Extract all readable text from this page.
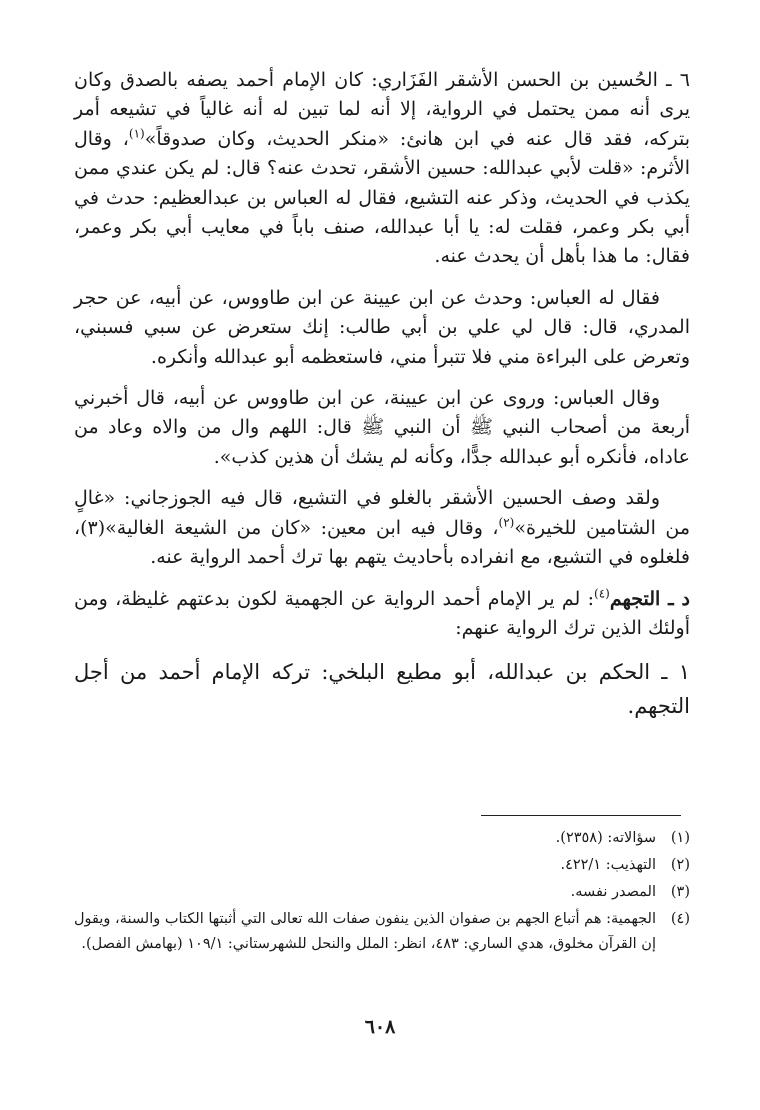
٦ ـ الحُسين بن الحسن الأشقر الفَزَاري: كان الإمام أحمد يصفه بالصدق وكان يرى أنه ممن يحتمل في الرواية، إلا أنه لما تبين له أنه غالياً في تشيعه أمر بتركه، فقد قال عنه في ابن هانئ: «منكر الحديث، وكان صدوقاً»$^{(١)}$، وقال الأثرم: «قلت لأبي عبدالله: حسين الأشقر، تحدث عنه؟ قال: لم يكن عندي ممن يكذب في الحديث، وذكر عنه التشيع، فقال له العباس بن عبدالعظيم: حدث في أبي بكر وعمر، فقلت له: يا أبا عبدالله، صنف باباً في معايب أبي بكر وعمر، فقال: ما هذا بأهل أن يحدث عنه.

فقال له العباس: وحدث عن ابن عيينة عن ابن طاووس، عن أبيه، عن حجر المدري، قال: قال لي علي بن أبي طالب: إنك ستعرض عن سبي فسبني، وتعرض على البراءة مني فلا تتبرأ مني، فاستعظمه أبو عبدالله وأنكره.

وقال العباس: وروى عن ابن عيينة، عن ابن طاووس عن أبيه، قال أخبرني أربعة من أصحاب النبي ﷺ أن النبي ﷺ قال: اللهم وال من والاه وعاد من عاداه، فأنكره أبو عبدالله جدًّا، وكأنه لم يشك أن هذين كذب».

ولقد وصف الحسين الأشقر بالغلو في التشيع، قال فيه الجوزجاني: «غالٍ من الشتامين للخيرة»$^{(٢)}$، وقال فيه ابن معين: «كان من الشيعة الغالية»(٣)، فلغلوه في التشيع، مع انفراده بأحاديث يتهم بها ترك أحمد الرواية عنه.

د ـ التجهم$^{(٤)}$: لم ير الإمام أحمد الرواية عن الجهمية لكون بدعتهم غليظة، ومن أولئك الذين ترك الرواية عنهم:

١ ـ الحكم بن عبدالله، أبو مطيع البلخي: تركه الإمام أحمد من أجل التجهم.

(١)
سؤالاته: (٢٣٥٨).
(٢)
التهذيب: ٤٢٢/١.
(٣)
المصدر نفسه.
(٤)
الجهمية: هم أتباع الجهم بن صفوان الذين ينفون صفات الله تعالى التي أثبتها الكتاب والسنة، ويقول إن القرآن مخلوق، هدي الساري: ٤٨٣، انظر: الملل والنحل للشهرستاني: ١٠٩/١ (بهامش الفصل).
٦٠٨
